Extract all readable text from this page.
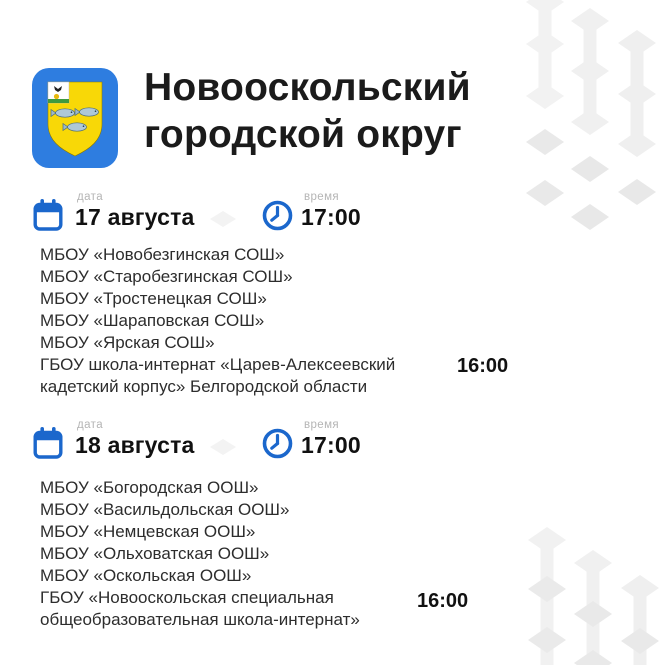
Новооскольский
городской округ
дата
17 августа
время
17:00
МБОУ «Новобезгинская СОШ»
МБОУ «Старобезгинская СОШ»
МБОУ «Тростенецкая СОШ»
МБОУ «Шараповская СОШ»
МБОУ «Ярская СОШ»
ГБОУ школа-интернат «Царев-Алексеевский кадетский корпус» Белгородской области
16:00
дата
18 августа
время
17:00
МБОУ «Богородская ООШ»
МБОУ «Васильдольская ООШ»
МБОУ «Немцевская ООШ»
МБОУ «Ольховатская ООШ»
МБОУ «Оскольская ООШ»
ГБОУ «Новооскольская специальная общеобразовательная школа-интернат»
16:00
